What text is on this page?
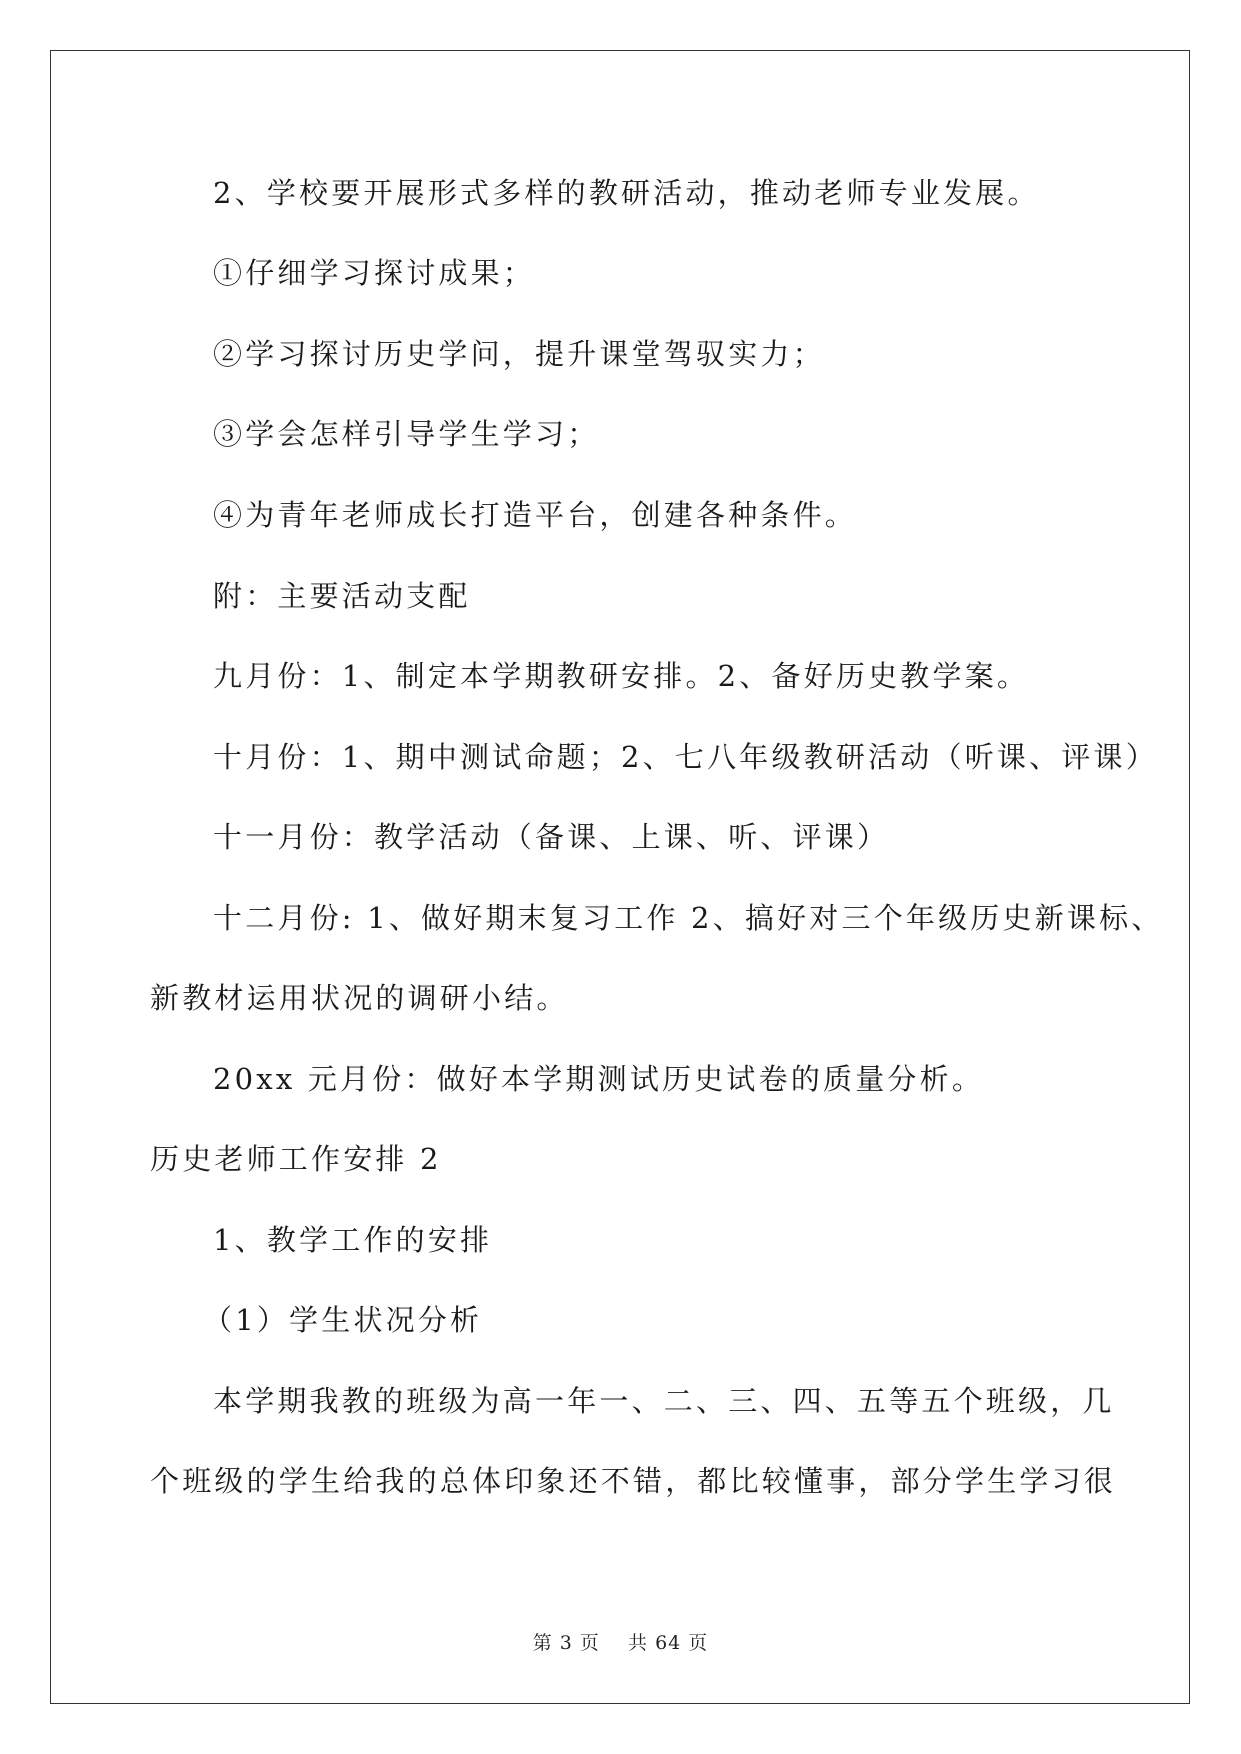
2、学校要开展形式多样的教研活动，推动老师专业发展。
①仔细学习探讨成果；
②学习探讨历史学问，提升课堂驾驭实力；
③学会怎样引导学生学习；
④为青年老师成长打造平台，创建各种条件。
附：主要活动支配
九月份：1、制定本学期教研安排。2、备好历史教学案。
十月份：1、期中测试命题；2、七八年级教研活动（听课、评课）
十一月份：教学活动（备课、上课、听、评课）
十二月份: 1、做好期末复习工作 2、搞好对三个年级历史新课标、
新教材运用状况的调研小结。
20xx 元月份：做好本学期测试历史试卷的质量分析。
历史老师工作安排 2
1、教学工作的安排
（1）学生状况分析
本学期我教的班级为高一年一、二、三、四、五等五个班级，几
个班级的学生给我的总体印象还不错，都比较懂事，部分学生学习很
第 3 页    共 64 页
